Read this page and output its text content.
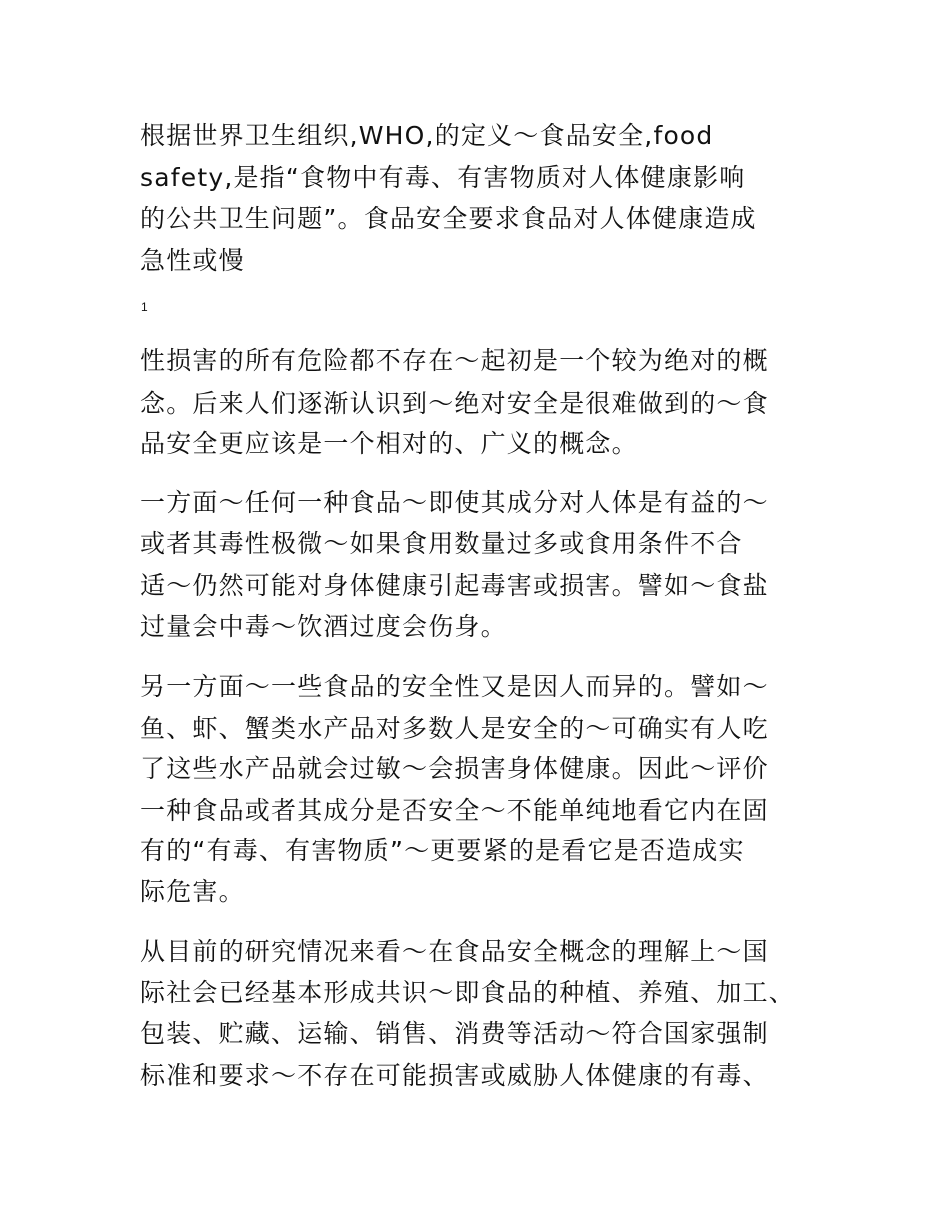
根据世界卫生组织,WHO,的定义～食品安全,food
safety,是指“食物中有毒、有害物质对人体健康影响
的公共卫生问题”。食品安全要求食品对人体健康造成
急性或慢
1
性损害的所有危险都不存在～起初是一个较为绝对的概
念。后来人们逐渐认识到～绝对安全是很难做到的～食
品安全更应该是一个相对的、广义的概念。
一方面～任何一种食品～即使其成分对人体是有益的～
或者其毒性极微～如果食用数量过多或食用条件不合
适～仍然可能对身体健康引起毒害或损害。譬如～食盐
过量会中毒～饮酒过度会伤身。
另一方面～一些食品的安全性又是因人而异的。譬如～
鱼、虾、蟹类水产品对多数人是安全的～可确实有人吃
了这些水产品就会过敏～会损害身体健康。因此～评价
一种食品或者其成分是否安全～不能单纯地看它内在固
有的“有毒、有害物质”～更要紧的是看它是否造成实
际危害。
从目前的研究情况来看～在食品安全概念的理解上～国
际社会已经基本形成共识～即食品的种植、养殖、加工、
包装、贮藏、运输、销售、消费等活动～符合国家强制
标准和要求～不存在可能损害或威胁人体健康的有毒、
